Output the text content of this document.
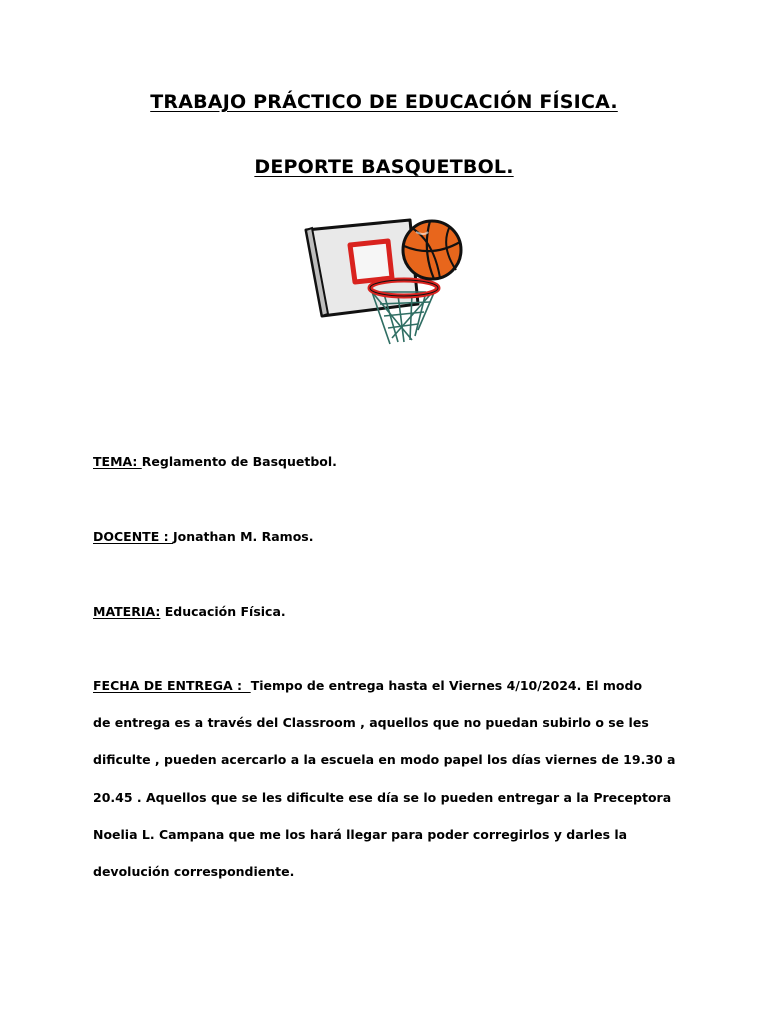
TRABAJO PRÁCTICO DE EDUCACIÓN FÍSICA.
DEPORTE BASQUETBOL.

TEMA: Reglamento de Basquetbol.

DOCENTE : Jonathan M. Ramos.

MATERIA: Educación Física.

FECHA DE ENTREGA :  Tiempo de entrega hasta el Viernes 4/10/2024. El modo
de entrega es a través del Classroom , aquellos que no puedan subirlo o se les
dificulte , pueden acercarlo a la escuela en modo papel los días viernes de 19.30 a
20.45 . Aquellos que se les dificulte ese día se lo pueden entregar a la Preceptora
Noelia L. Campana que me los hará llegar para poder corregirlos y darles la
devolución correspondiente.
